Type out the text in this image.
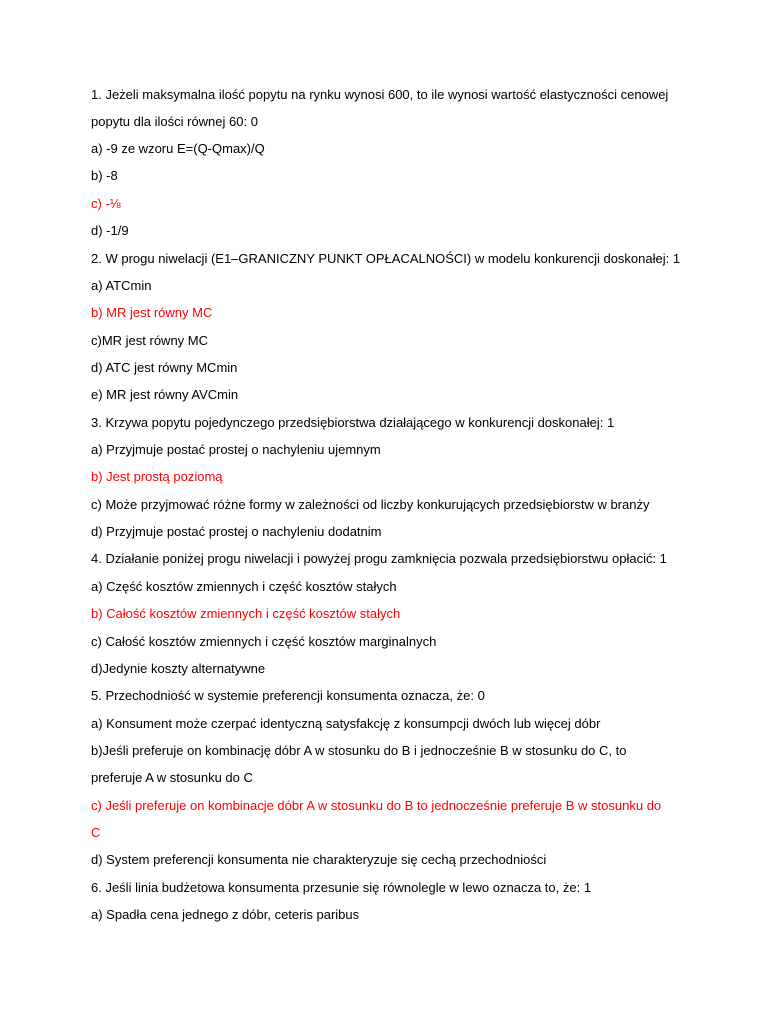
1. Jeżeli maksymalna ilość popytu na rynku wynosi 600, to ile wynosi wartość elastyczności cenowej
popytu dla ilości równej 60: 0
a) -9 ze wzoru E=(Q-Qmax)/Q
b) -8
c) -⅛
d) -1/9
2. W progu niwelacji (E1–GRANICZNY PUNKT OPŁACALNOŚCI) w modelu konkurencji doskonałej: 1
a) ATCmin
b) MR jest równy MC
c)MR jest równy MC
d) ATC jest równy MCmin
e) MR jest równy AVCmin
3. Krzywa popytu pojedynczego przedsiębiorstwa działającego w konkurencji doskonałej: 1
a) Przyjmuje postać prostej o nachyleniu ujemnym
b) Jest prostą poziomą
c) Może przyjmować różne formy w zależności od liczby konkurujących przedsiębiorstw w branży
d) Przyjmuje postać prostej o nachyleniu dodatnim
4. Działanie poniżej progu niwelacji i powyżej progu zamknięcia pozwala przedsiębiorstwu opłacić: 1
a) Część kosztów zmiennych i część kosztów stałych
b) Całość kosztów zmiennych i część kosztów stałych
c) Całość kosztów zmiennych i część kosztów marginalnych
d)Jedynie koszty alternatywne
5. Przechodniość w systemie preferencji konsumenta oznacza, że: 0
a) Konsument może czerpać identyczną satysfakcję z konsumpcji dwóch lub więcej dóbr
b)Jeśli preferuje on kombinację dóbr A w stosunku do B i jednocześnie B w stosunku do C, to
preferuje A w stosunku do C
c) Jeśli preferuje on kombinacje dóbr A w stosunku do B to jednocześnie preferuje B w stosunku do
C
d) System preferencji konsumenta nie charakteryzuje się cechą przechodniości
6. Jeśli linia budżetowa konsumenta przesunie się równolegle w lewo oznacza to, że: 1
a) Spadła cena jednego z dóbr, ceteris paribus
